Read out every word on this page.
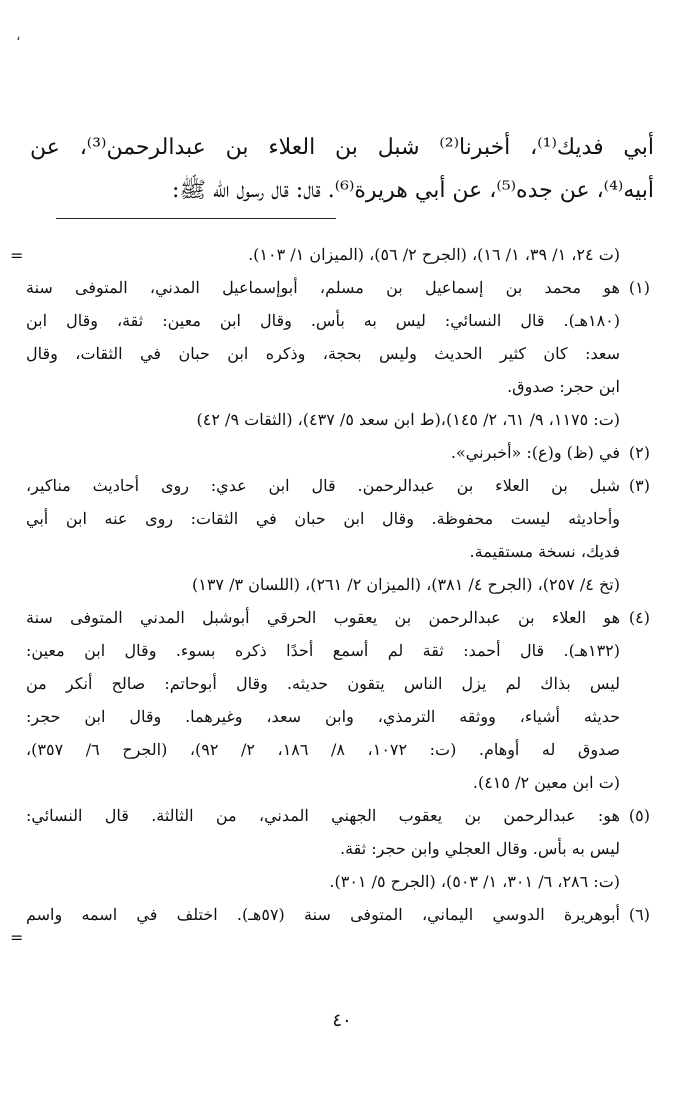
،
أبي فديك⁽¹⁾، أخبرنا⁽²⁾ شبل بن العلاء بن عبدالرحمن⁽³⁾، عن
أبيه⁽⁴⁾، عن جده⁽⁵⁾، عن أبي هريرة⁽⁶⁾. قال: قال رسول الله ﷺ:
=
=
(ت ٢٤، ١/ ٣٩، ١/ ١٦)، (الجرح ٢/ ٥٦)، (الميزان ١/ ١٠٣).
(١)
هو محمد بن إسماعيل بن مسلم، أبوإسماعيل المدني، المتوفى سنة
(١٨٠هـ). قال النسائي: ليس به بأس. وقال ابن معين: ثقة، وقال ابن
سعد: كان كثير الحديث وليس بحجة، وذكره ابن حبان في الثقات، وقال
ابن حجر: صدوق.
(ت: ١١٧٥، ٩/ ٦١، ٢/ ١٤٥)،(ط ابن سعد ٥/ ٤٣٧)، (الثقات ٩/ ٤٢)
(٢)
في (ظ) و(ع): «أخبرني».
(٣)
شبل بن العلاء بن عبدالرحمن. قال ابن عدي: روى أحاديث مناكير،
وأحاديثه ليست محفوظة. وقال ابن حبان في الثقات: روى عنه ابن أبي
فديك، نسخة مستقيمة.
(تخ ٤/ ٢٥٧)، (الجرح ٤/ ٣٨١)، (الميزان ٢/ ٢٦١)، (اللسان ٣/ ١٣٧)
(٤)
هو العلاء بن عبدالرحمن بن يعقوب الحرقي أبوشبل المدني المتوفى سنة
(١٣٢هـ). قال أحمد: ثقة لم أسمع أحدًا ذكره بسوء. وقال ابن معين:
ليس بذاك لم يزل الناس يتقون حديثه. وقال أبوحاتم: صالح أنكر من
حديثه أشياء، ووثقه الترمذي، وابن سعد، وغيرهما. وقال ابن حجر:
صدوق له أوهام. (ت: ١٠٧٢، ٨/ ١٨٦، ٢/ ٩٢)، (الجرح ٦/ ٣٥٧)،
(ت ابن معين ٢/ ٤١٥).
(٥)
هو: عبدالرحمن بن يعقوب الجهني المدني، من الثالثة. قال النسائي:
ليس به بأس. وقال العجلي وابن حجر: ثقة.
(ت: ٢٨٦، ٦/ ٣٠١، ١/ ٥٠٣)، (الجرح ٥/ ٣٠١).
(٦)
أبوهريرة الدوسي اليماني، المتوفى سنة (٥٧هـ). اختلف في اسمه واسم
٤٠
